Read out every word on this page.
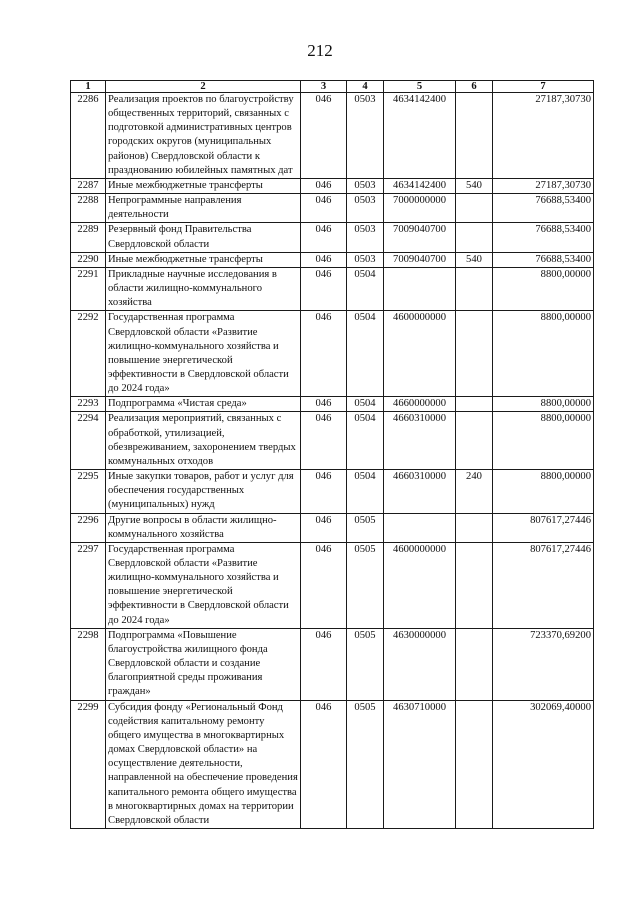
212
1	2	3	4	5	6	7
2286	Реализация проектов по благоустройству общественных территорий, связанных с подготовкой административных центров городских округов (муниципальных районов) Свердловской области к празднованию юбилейных памятных дат	046	0503	4634142400		27187,30730
2287	Иные межбюджетные трансферты	046	0503	4634142400	540	27187,30730
2288	Непрограммные направления деятельности	046	0503	7000000000		76688,53400
2289	Резервный фонд Правительства Свердловской области	046	0503	7009040700		76688,53400
2290	Иные межбюджетные трансферты	046	0503	7009040700	540	76688,53400
2291	Прикладные научные исследования в области жилищно-коммунального хозяйства	046	0504			8800,00000
2292	Государственная программа Свердловской области «Развитие жилищно-коммунального хозяйства и повышение энергетической эффективности в Свердловской области до 2024 года»	046	0504	4600000000		8800,00000
2293	Подпрограмма «Чистая среда»	046	0504	4660000000		8800,00000
2294	Реализация мероприятий, связанных с обработкой, утилизацией, обезвреживанием, захоронением твердых коммунальных отходов	046	0504	4660310000		8800,00000
2295	Иные закупки товаров, работ и услуг для обеспечения государственных (муниципальных) нужд	046	0504	4660310000	240	8800,00000
2296	Другие вопросы в области жилищно-коммунального хозяйства	046	0505			807617,27446
2297	Государственная программа Свердловской области «Развитие жилищно-коммунального хозяйства и повышение энергетической эффективности в Свердловской области до 2024 года»	046	0505	4600000000		807617,27446
2298	Подпрограмма «Повышение благоустройства жилищного фонда Свердловской области и создание благоприятной среды проживания граждан»	046	0505	4630000000		723370,69200
2299	Субсидия фонду «Региональный Фонд содействия капитальному ремонту общего имущества в многоквартирных домах Свердловской области» на осуществление деятельности, направленной на обеспечение проведения капитального ремонта общего имущества в многоквартирных домах на территории Свердловской области	046	0505	4630710000		302069,40000
